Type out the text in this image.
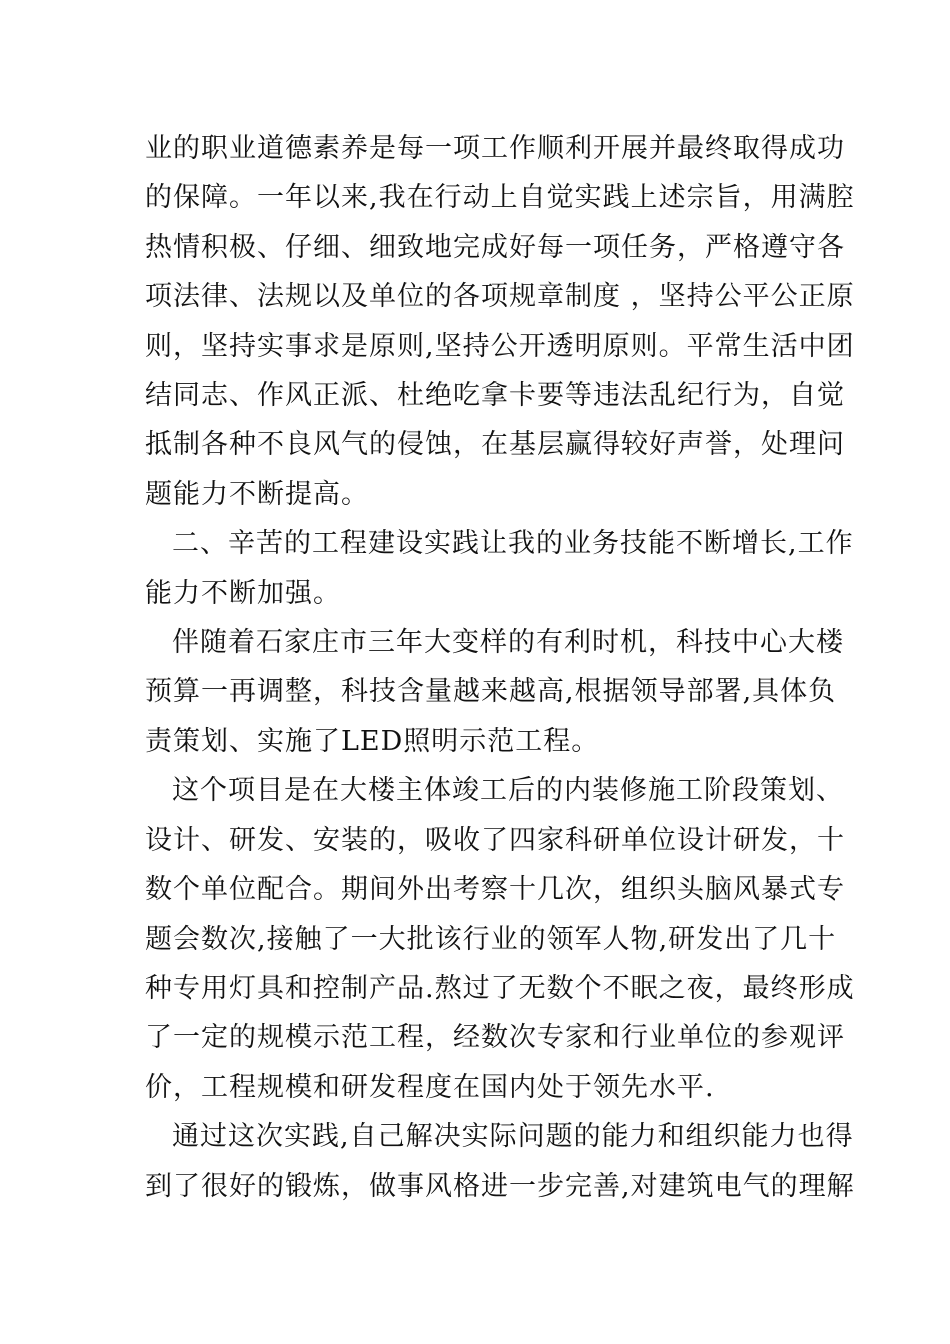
业的职业道德素养是每一项工作顺利开展并最终取得成功
的保障。一年以来,我在行动上自觉实践上述宗旨，用满腔
热情积极、仔细、细致地完成好每一项任务，严格遵守各
项法律、法规以及单位的各项规章制度 ，坚持公平公正原
则，坚持实事求是原则,坚持公开透明原则。平常生活中团
结同志、作风正派、杜绝吃拿卡要等违法乱纪行为，自觉
抵制各种不良风气的侵蚀，在基层赢得较好声誉，处理问
题能力不断提高。

二、辛苦的工程建设实践让我的业务技能不断增长,工作
能力不断加强。

伴随着石家庄市三年大变样的有利时机，科技中心大楼
预算一再调整，科技含量越来越高,根据领导部署,具体负
责策划、实施了LED照明示范工程。

这个项目是在大楼主体竣工后的内装修施工阶段策划、
设计、研发、安装的，吸收了四家科研单位设计研发，十
数个单位配合。期间外出考察十几次，组织头脑风暴式专
题会数次,接触了一大批该行业的领军人物,研发出了几十
种专用灯具和控制产品.熬过了无数个不眠之夜，最终形成
了一定的规模示范工程，经数次专家和行业单位的参观评
价，工程规模和研发程度在国内处于领先水平.

通过这次实践,自己解决实际问题的能力和组织能力也得
到了很好的锻炼，做事风格进一步完善,对建筑电气的理解
